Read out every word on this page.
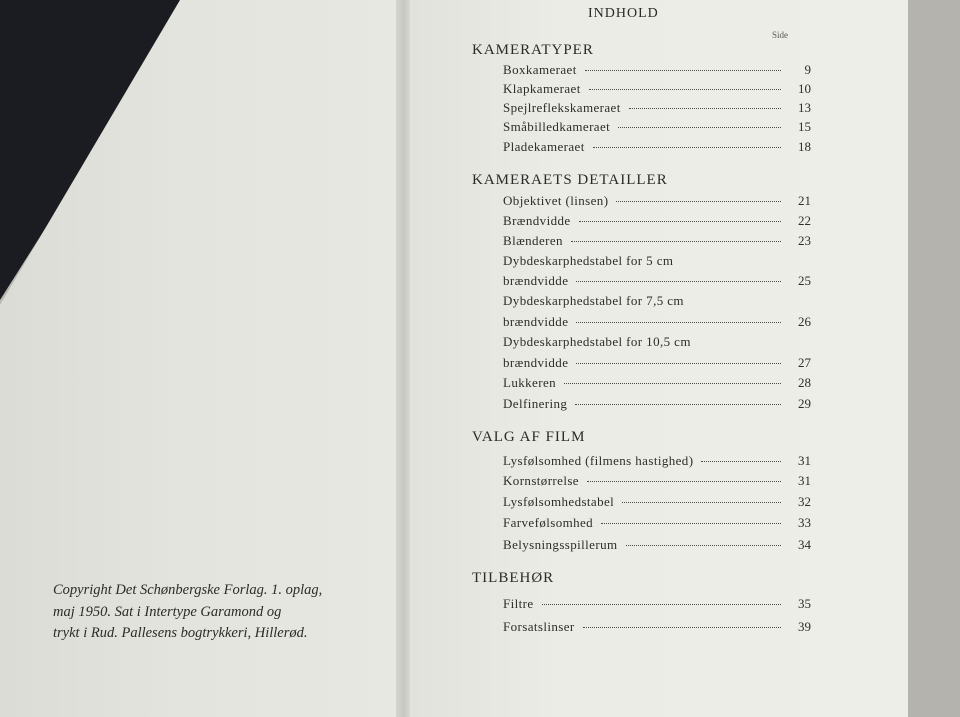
Copyright Det Schønbergske Forlag. 1. oplag,
maj 1950. Sat i Intertype Garamond og
trykt i Rud. Pallesens bogtrykkeri, Hillerød.
INDHOLD
Side
KAMERATYPER
Boxkameraet	9
Klapkameraet	10
Spejlreflekskameraet	13
Småbilledkameraet	15
Pladekameraet	18
KAMERAETS DETAILLER
Objektivet (linsen)	21
Brændvidde	22
Blænderen	23
Dybdeskarphedstabel for 5 cm
brændvidde	25
Dybdeskarphedstabel for 7,5 cm
brændvidde	26
Dybdeskarphedstabel for 10,5 cm
brændvidde	27
Lukkeren	28
Delfinering	29
VALG AF FILM
Lysfølsomhed (filmens hastighed)	31
Kornstørrelse	31
Lysfølsomhedstabel	32
Farvefølsomhed	33
Belysningsspillerum	34
TILBEHØR
Filtre	35
Forsatslinser	39
